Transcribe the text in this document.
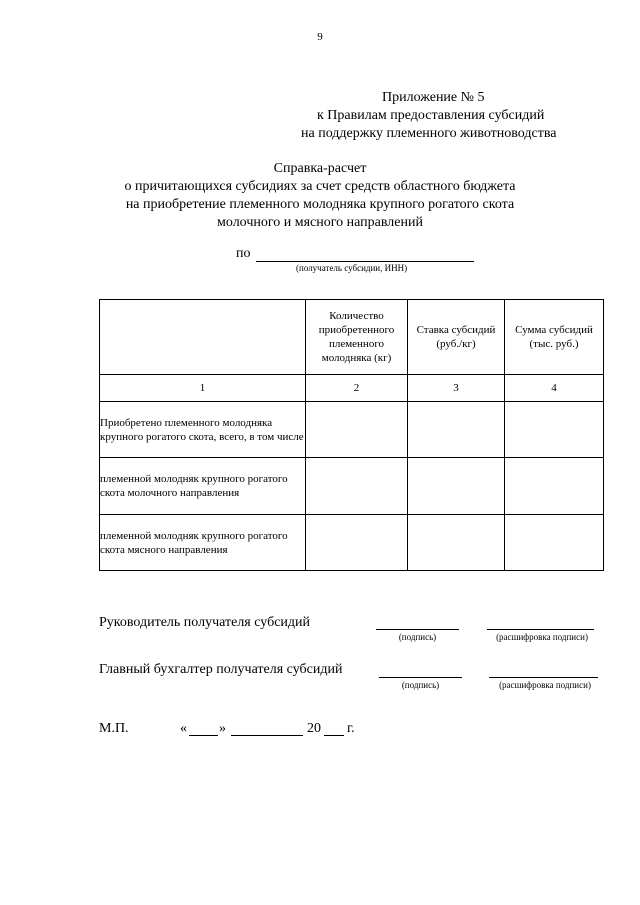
9
Приложение № 5
к Правилам предоставления субсидий
на поддержку племенного животноводства
Справка-расчет
о причитающихся субсидиях за счет средств областного бюджета
на приобретение племенного молодняка крупного рогатого скота
молочного и мясного направлений
по
(получатель субсидии, ИНН)
	Количество приобретенного племенного молодняка (кг)	Ставка субсидий (руб./кг)	Сумма субсидий (тыс. руб.)
1	2	3	4
Приобретено племенного молодняка крупного рогатого скота, всего, в том числе			
племенной молодняк крупного рогатого скота молочного направления			
племенной молодняк крупного рогатого скота мясного направления			
Руководитель получателя субсидий
(подпись)	(расшифровка подписи)
Главный бухгалтер получателя субсидий
(подпись)	(расшифровка подписи)
М.П.	« »	20 г.
